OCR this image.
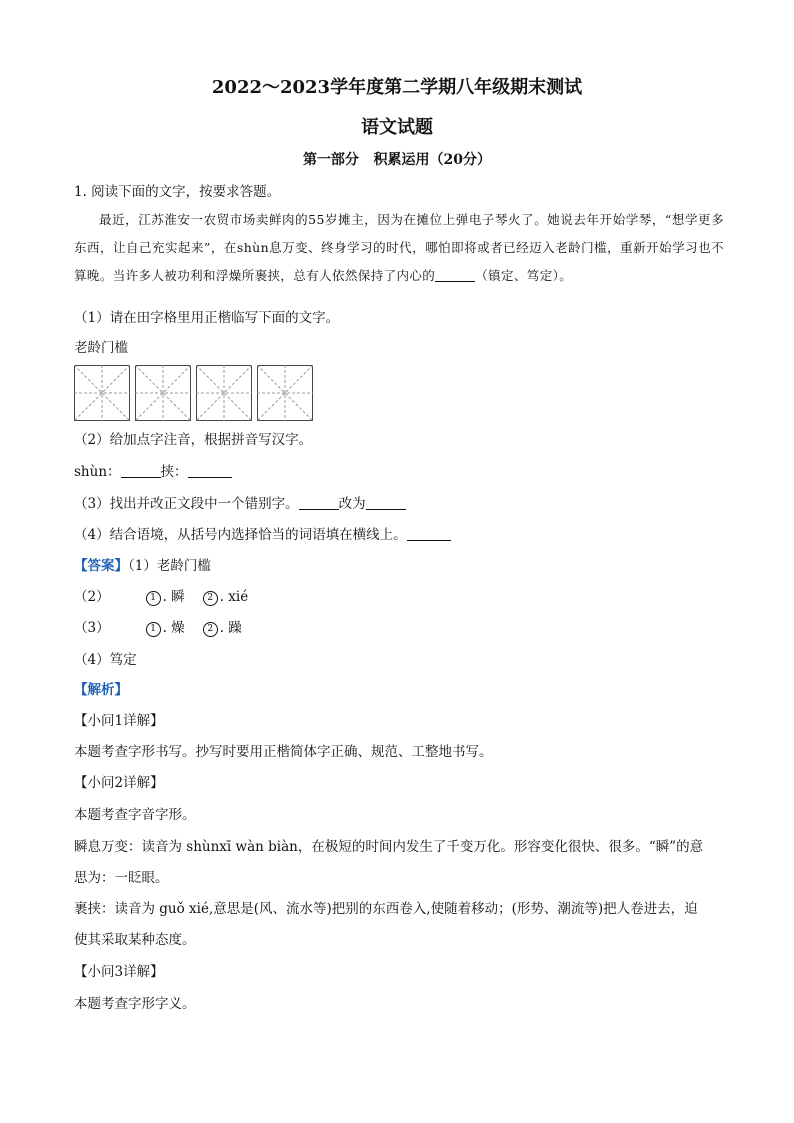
2022～2023学年度第二学期八年级期末测试
语文试题
第一部分   积累运用（20分）
1. 阅读下面的文字，按要求答题。
最近，江苏淮安一农贸市场卖鲜肉的55岁摊主，因为在摊位上弹电子琴火了。她说去年开始学琴，“想学更多东西，让自己充实起来”，在shùn息万变、终身学习的时代，哪怕即将或者已经迈入老龄门槛，重新开始学习也不算晚。当许多人被功利和浮燥所裹挟，总有人依然保持了内心的	（镇定、笃定）。
（1）请在田字格里用正楷临写下面的文字。
老龄门槛
（2）给加点字注音，根据拼音写汉字。
shùn：	挟：
（3）找出并改正文段中一个错别字。	改为
（4）结合语境，从括号内选择恰当的词语填在横线上。
【答案】（1）老龄门槛
（2）	1 . 瞬	2 . xié
（3）	1 . 燥	2 . 躁
（4）笃定
【解析】
【小问1详解】
本题考查字形书写。抄写时要用正楷简体字正确、规范、工整地书写。
【小问2详解】
本题考查字音字形。
瞬息万变：读音为 shùnxī wàn biàn，在极短的时间内发生了千变万化。形容变化很快、很多。“瞬”的意
思为：一眨眼。
裹挟：读音为 guǒ xié,意思是(风、流水等)把别的东西卷入,使随着移动；(形势、潮流等)把人卷进去，迫
使其采取某种态度。
【小问3详解】
本题考查字形字义。
